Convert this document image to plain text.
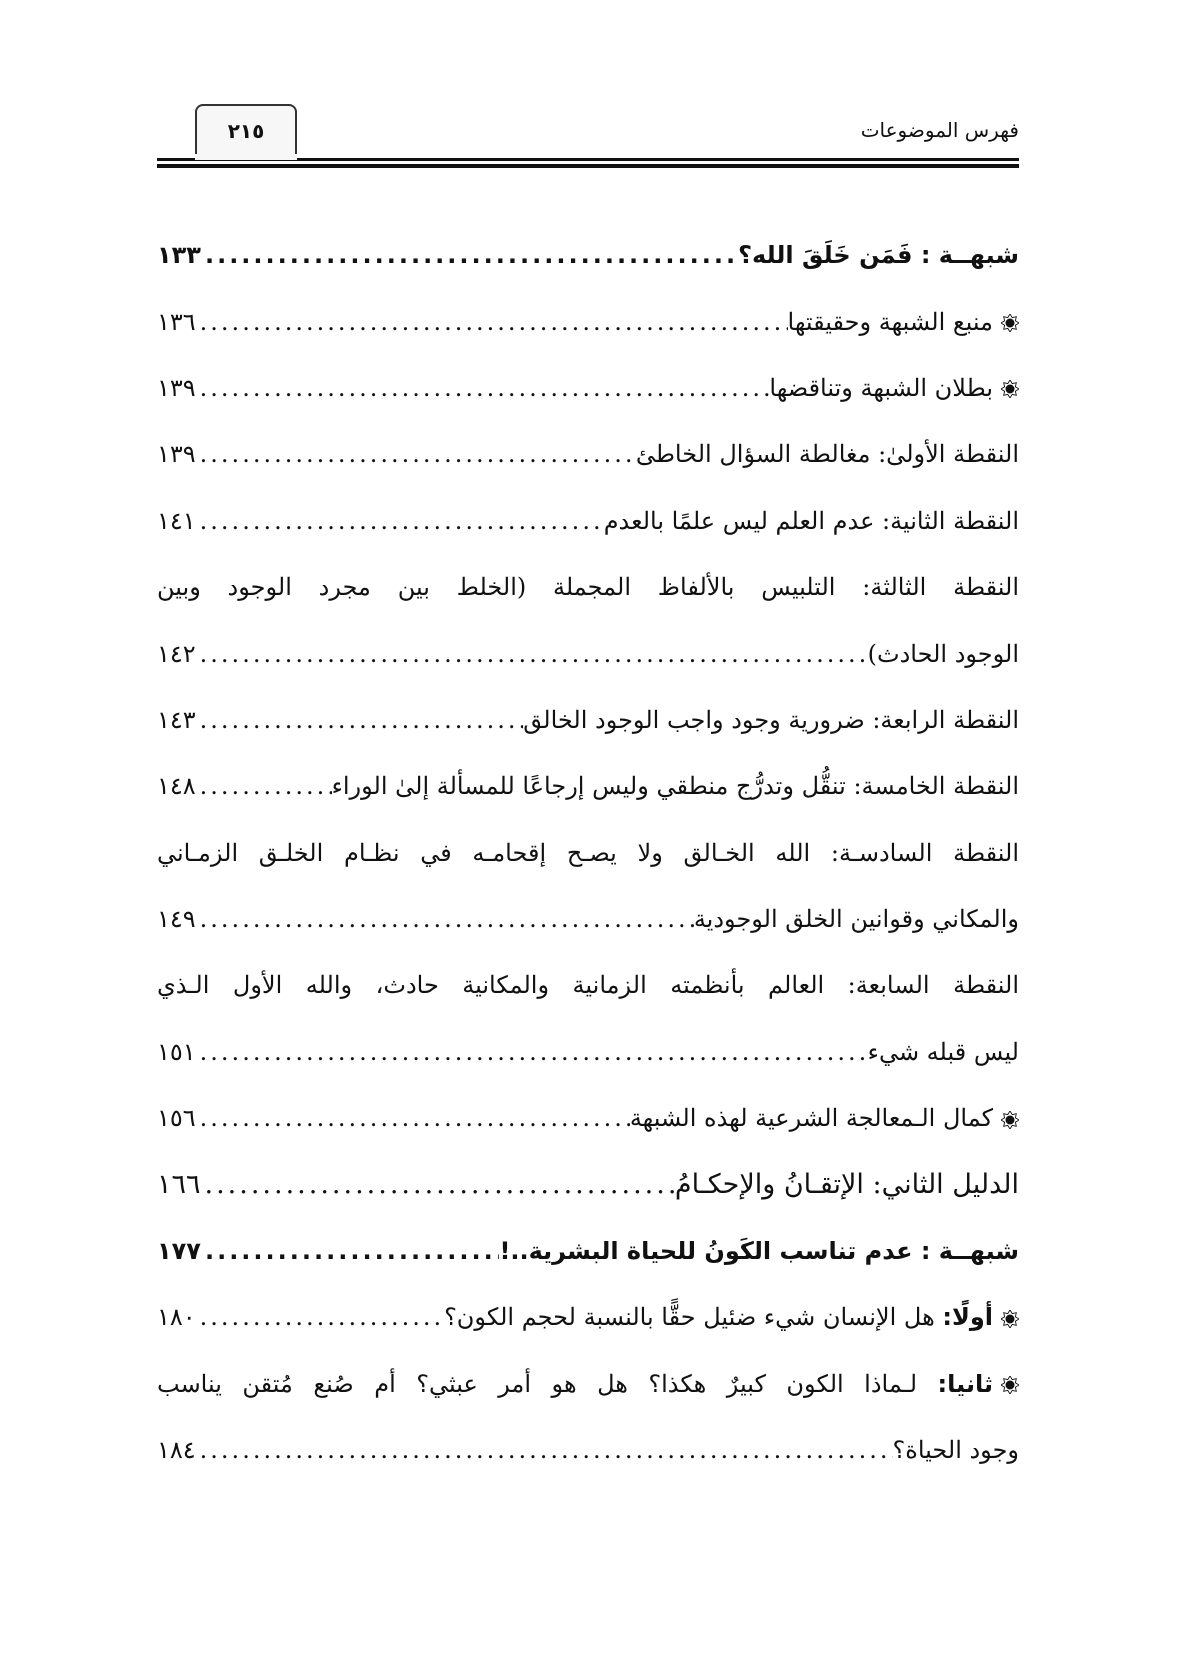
٢١٥	فهرس الموضوعات
شبهــة : فَمَن خَلَقَ الله؟
.....
١٣٣
منبع الشبهة وحقيقتها
.....
١٣٦
بطلان الشبهة وتناقضها
.....
١٣٩
النقطة الأولىٰ: مغالطة السؤال الخاطئ
.....
١٣٩
النقطة الثانية: عدم العلم ليس علمًا بالعدم
.....
١٤١
النقطة الثالثة: التلبيس بالألفاظ المجملة (الخلط بين مجرد الوجود وبين
الوجود الحادث)
.....
١٤٢
النقطة الرابعة: ضرورية وجود واجب الوجود الخالق
.....
١٤٣
النقطة الخامسة: تنقُّل وتدرُّج منطقي وليس إرجاعًا للمسألة إلىٰ الوراء
.....
١٤٨
النقطة السادسـة: الله الخـالق ولا يصـح إقحامـه في نظـام الخلـق الزمـاني
والمكاني وقوانين الخلق الوجودية
.....
١٤٩
النقطة السابعة: العالم بأنظمته الزمانية والمكانية حادث، والله الأول الـذي
ليس قبله شيء
.....
١٥١
كمال الـمعالجة الشرعية لهذه الشبهة
.....
١٥٦
الدليل الثاني: الإتقـانُ والإحكـامُ
.....
١٦٦
شبهــة : عدم تناسب الكَونُ للحياة البشرية..!
.....
١٧٧
أولًا: هل الإنسان شيء ضئيل حقًّا بالنسبة لحجم الكون؟
.....
١٨٠
ثانيا: لـماذا الكون كبيرٌ هكذا؟ هل هو أمر عبثي؟ أم صُنع مُتقن يناسب
وجود الحياة؟
.....
١٨٤
